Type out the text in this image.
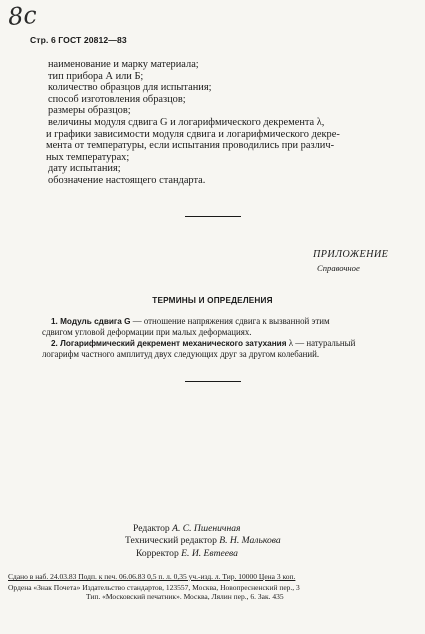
8c
Стр. 6 ГОСТ 20812—83
наименование и марку материала;
тип прибора А или Б;
количество образцов для испытания;
способ изготовления образцов;
размеры образцов;
величины модуля сдвига G и логарифмического декремента λ,
и графики зависимости модуля сдвига и логарифмического декре-
мента от температуры, если испытания проводились при различ-
ных температурах;
дату испытания;
обозначение настоящего стандарта.
ПРИЛОЖЕНИЕ
Справочное
ТЕРМИНЫ И ОПРЕДЕЛЕНИЯ
1. Модуль сдвига G — отношение напряжения сдвига к вызванной этим
сдвигом угловой деформации при малых деформациях.
2. Логарифмический декремент механического затухания λ — натуральный
логарифм частного амплитуд двух следующих друг за другом колебаний.
Редактор А. С. Пшеничная
Технический редактор В. Н. Малькова
Корректор Е. И. Евтеева
Сдано в наб. 24.03.83 Подп. к печ. 06.06.83 0,5 п. л. 0,35 уч.-изд. л. Тир. 10000 Цена 3 коп.
Ордена «Знак Почета» Издательство стандартов, 123557, Москва, Новопресненский пер., 3
Тип. «Московский печатник». Москва, Лялин пер., 6. Зак. 435
